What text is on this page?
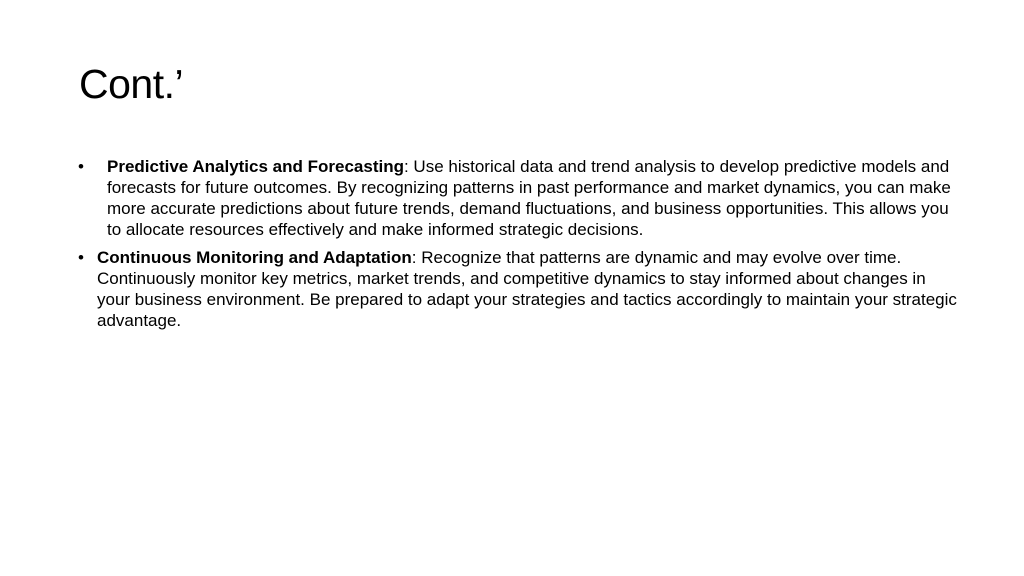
Cont.’
•	Predictive Analytics and Forecasting: Use historical data and trend analysis to develop predictive models and forecasts for future outcomes. By recognizing patterns in past performance and market dynamics, you can make more accurate predictions about future trends, demand fluctuations, and business opportunities. This allows you to allocate resources effectively and make informed strategic decisions.
• Continuous Monitoring and Adaptation: Recognize that patterns are dynamic and may evolve over time. Continuously monitor key metrics, market trends, and competitive dynamics to stay informed about changes in your business environment. Be prepared to adapt your strategies and tactics accordingly to maintain your strategic advantage.
